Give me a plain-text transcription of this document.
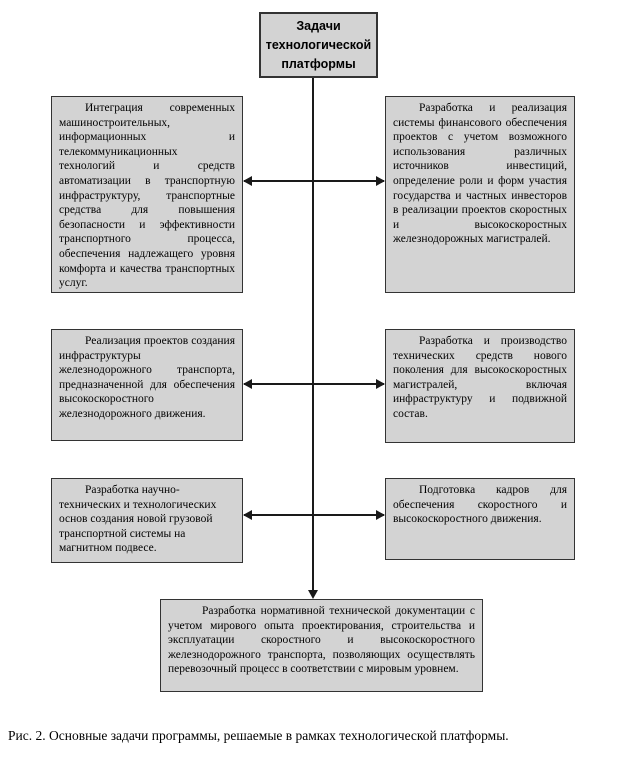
Задачи технологической платформы
Интеграция современных машиностроительных, информационных и телекоммуникационных технологий и средств автоматизации в транспортную инфраструктуру, транспортные средства для повышения безопасности и эффективности транспортного процесса, обеспечения надлежащего уровня комфорта и качества транспортных услуг.
Разработка и реализация системы финансового обеспечения проектов с учетом возможного использования различных источников инвестиций, определение роли и форм участия государства и частных инвесторов в реализации проектов скоростных и высокоскоростных железнодорожных магистралей.
Реализация проектов создания инфраструктуры железнодорожного транспорта, предназначенной для обеспечения высокоскоростного железнодорожного движения.
Разработка и производство технических средств нового поколения для высокоскоростных магистралей, включая инфраструктуру и подвижной состав.
Разработка научно-технических и технологических основ создания новой грузовой транспортной системы на магнитном подвесе.
Подготовка кадров для обеспечения скоростного и высокоскоростного движения.
Разработка нормативной технической документации с учетом мирового опыта проектирования, строительства и эксплуатации скоростного и высокоскоростного железнодорожного транспорта, позволяющих осуществлять перевозочный процесс в соответствии с мировым уровнем.
Рис. 2. Основные задачи программы, решаемые в рамках технологической платформы.
